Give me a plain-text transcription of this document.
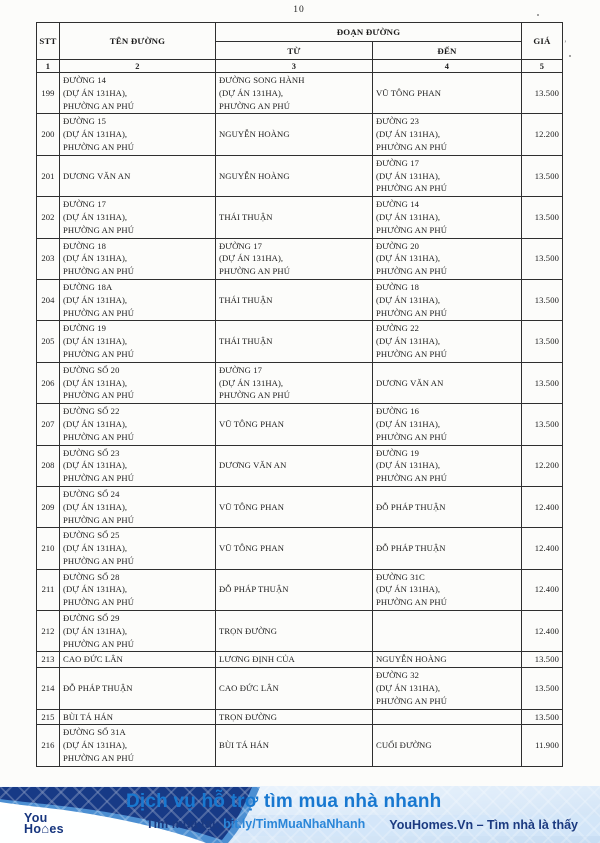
10
STT	TÊN ĐƯỜNG	ĐOẠN ĐƯỜNG		GIÁ
		TỪ	ĐẾN	
1	2	3	4	5
199	ĐƯỜNG 14
(DỰ ÁN 131HA),
PHƯỜNG AN PHÚ	ĐƯỜNG SONG HÀNH
(DỰ ÁN 131HA),
PHƯỜNG AN PHÚ	VŨ TÔNG PHAN	13.500
200	ĐƯỜNG 15
(DỰ ÁN 131HA),
PHƯỜNG AN PHÚ	NGUYỄN HOÀNG	ĐƯỜNG 23
(DỰ ÁN 131HA),
PHƯỜNG AN PHÚ	12.200
201	DƯƠNG VĂN AN	NGUYỄN HOÀNG	ĐƯỜNG 17
(DỰ ÁN 131HA),
PHƯỜNG AN PHÚ	13.500
202	ĐƯỜNG 17
(DỰ ÁN 131HA),
PHƯỜNG AN PHÚ	THÁI THUẬN	ĐƯỜNG 14
(DỰ ÁN 131HA),
PHƯỜNG AN PHÚ	13.500
203	ĐƯỜNG 18
(DỰ ÁN 131HA),
PHƯỜNG AN PHÚ	ĐƯỜNG 17
(DỰ ÁN 131HA),
PHƯỜNG AN PHÚ	ĐƯỜNG 20
(DỰ ÁN 131HA),
PHƯỜNG AN PHÚ	13.500
204	ĐƯỜNG 18A
(DỰ ÁN 131HA),
PHƯỜNG AN PHÚ	THÁI THUẬN	ĐƯỜNG 18
(DỰ ÁN 131HA),
PHƯỜNG AN PHÚ	13.500
205	ĐƯỜNG 19
(DỰ ÁN 131HA),
PHƯỜNG AN PHÚ	THÁI THUẬN	ĐƯỜNG 22
(DỰ ÁN 131HA),
PHƯỜNG AN PHÚ	13.500
206	ĐƯỜNG SỐ 20
(DỰ ÁN 131HA),
PHƯỜNG AN PHÚ	ĐƯỜNG 17
(DỰ ÁN 131HA),
PHƯỜNG AN PHÚ	DƯƠNG VĂN AN	13.500
207	ĐƯỜNG SỐ 22
(DỰ ÁN 131HA),
PHƯỜNG AN PHÚ	VŨ TÔNG PHAN	ĐƯỜNG 16
(DỰ ÁN 131HA),
PHƯỜNG AN PHÚ	13.500
208	ĐƯỜNG SỐ 23
(DỰ ÁN 131HA),
PHƯỜNG AN PHÚ	DƯƠNG VĂN AN	ĐƯỜNG 19
(DỰ ÁN 131HA),
PHƯỜNG AN PHÚ	12.200
209	ĐƯỜNG SỐ 24
(DỰ ÁN 131HA),
PHƯỜNG AN PHÚ	VŨ TÔNG PHAN	ĐỖ PHÁP THUẬN	12.400
210	ĐƯỜNG SỐ 25
(DỰ ÁN 131HA),
PHƯỜNG AN PHÚ	VŨ TÔNG PHAN	ĐỖ PHÁP THUẬN	12.400
211	ĐƯỜNG SỐ 28
(DỰ ÁN 131HA),
PHƯỜNG AN PHÚ	ĐỖ PHÁP THUẬN	ĐƯỜNG 31C
(DỰ ÁN 131HA),
PHƯỜNG AN PHÚ	12.400
212	ĐƯỜNG SỐ 29
(DỰ ÁN 131HA),
PHƯỜNG AN PHÚ	TRỌN ĐƯỜNG		12.400
213	CAO ĐỨC LÂN	LƯƠNG ĐỊNH CỦA	NGUYỄN HOÀNG	13.500
214	ĐỖ PHÁP THUẬN	CAO ĐỨC LÂN	ĐƯỜNG 32
(DỰ ÁN 131HA),
PHƯỜNG AN PHÚ	13.500
215	BÙI TÁ HÁN	TRỌN ĐƯỜNG		13.500
216	ĐƯỜNG SỐ 31A
(DỰ ÁN 131HA),
PHƯỜNG AN PHÚ	BÙI TÁ HÁN	CUỐI ĐƯỜNG	11.900
’
You
Ho⌂es
Dịch vụ hỗ trợ tìm mua nhà nhanh
Tìm mua tại: bit.ly/TimMuaNhaNhanh YouHomes.Vn – Tìm nhà là thấy
